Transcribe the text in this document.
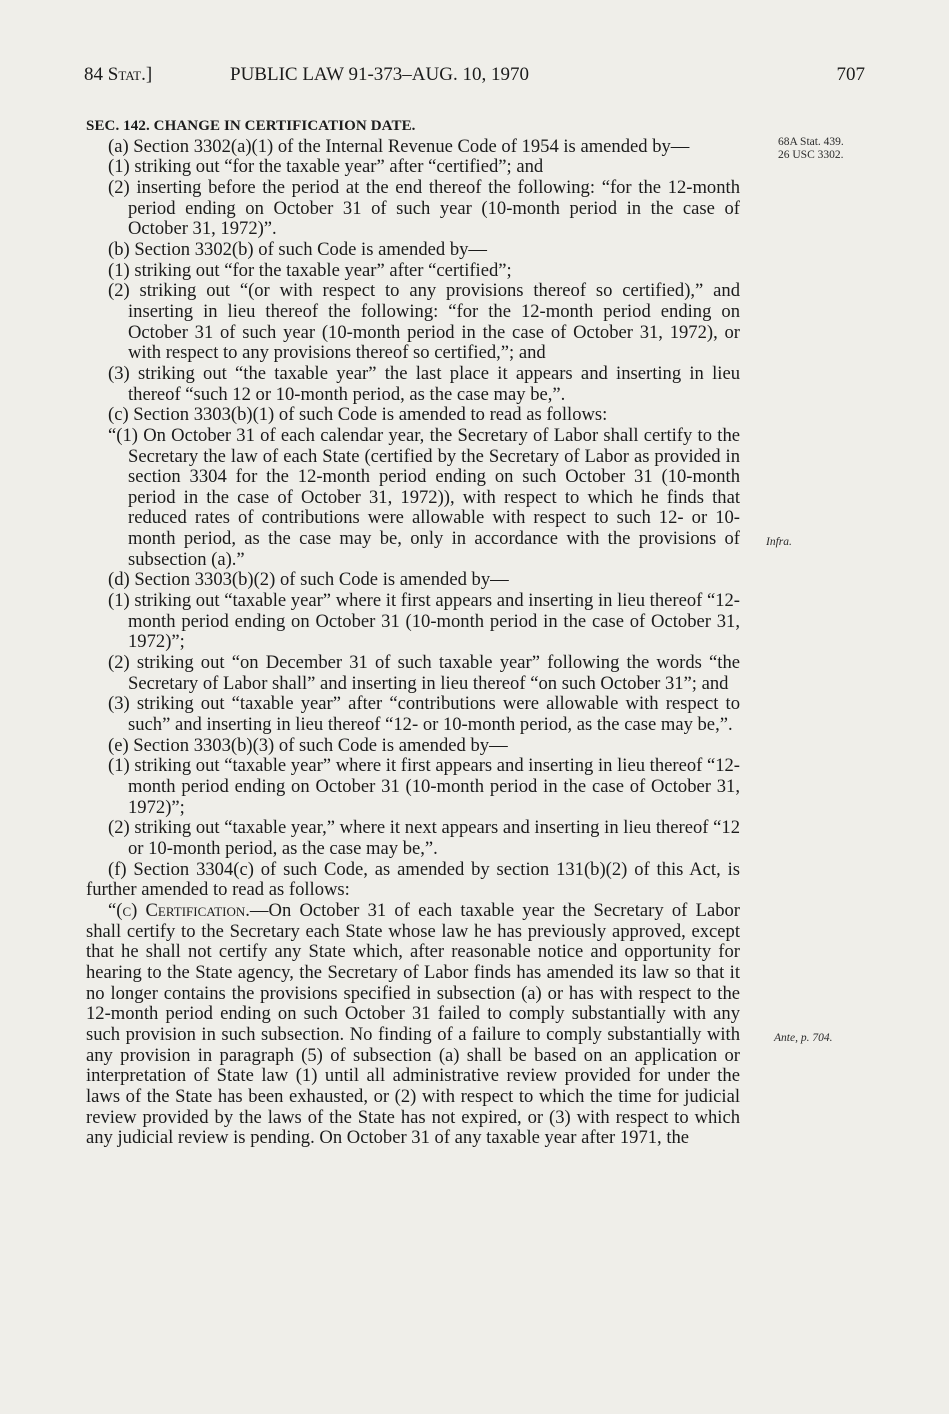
84 Stat.]	PUBLIC LAW 91-373–AUG. 10, 1970	707

SEC. 142. CHANGE IN CERTIFICATION DATE.

(a) Section 3302(a)(1) of the Internal Revenue Code of 1954 is amended by—

(1) striking out “for the taxable year” after “certified”; and

(2) inserting before the period at the end thereof the following: “for the 12-month period ending on October 31 of such year (10-month period in the case of October 31, 1972)”.

(b) Section 3302(b) of such Code is amended by—

(1) striking out “for the taxable year” after “certified”;

(2) striking out “(or with respect to any provisions thereof so certified),” and inserting in lieu thereof the following: “for the 12-month period ending on October 31 of such year (10-month period in the case of October 31, 1972), or with respect to any provisions thereof so certified,”; and

(3) striking out “the taxable year” the last place it appears and inserting in lieu thereof “such 12 or 10-month period, as the case may be,”.

(c) Section 3303(b)(1) of such Code is amended to read as follows:

“(1) On October 31 of each calendar year, the Secretary of Labor shall certify to the Secretary the law of each State (certified by the Secretary of Labor as provided in section 3304 for the 12-month period ending on such October 31 (10-month period in the case of October 31, 1972)), with respect to which he finds that reduced rates of contributions were allowable with respect to such 12- or 10-month period, as the case may be, only in accordance with the provisions of subsection (a).”

(d) Section 3303(b)(2) of such Code is amended by—

(1) striking out “taxable year” where it first appears and inserting in lieu thereof “12-month period ending on October 31 (10-month period in the case of October 31, 1972)”;

(2) striking out “on December 31 of such taxable year” following the words “the Secretary of Labor shall” and inserting in lieu thereof “on such October 31”; and

(3) striking out “taxable year” after “contributions were allowable with respect to such” and inserting in lieu thereof “12- or 10-month period, as the case may be,”.

(e) Section 3303(b)(3) of such Code is amended by—

(1) striking out “taxable year” where it first appears and inserting in lieu thereof “12-month period ending on October 31 (10-month period in the case of October 31, 1972)”;

(2) striking out “taxable year,” where it next appears and inserting in lieu thereof “12 or 10-month period, as the case may be,”.

(f) Section 3304(c) of such Code, as amended by section 131(b)(2) of this Act, is further amended to read as follows:

“(c) Certification.—On October 31 of each taxable year the Secretary of Labor shall certify to the Secretary each State whose law he has previously approved, except that he shall not certify any State which, after reasonable notice and opportunity for hearing to the State agency, the Secretary of Labor finds has amended its law so that it no longer contains the provisions specified in subsection (a) or has with respect to the 12-month period ending on such October 31 failed to comply substantially with any such provision in such subsection. No finding of a failure to comply substantially with any provision in paragraph (5) of subsection (a) shall be based on an application or interpretation of State law (1) until all administrative review provided for under the laws of the State has been exhausted, or (2) with respect to which the time for judicial review provided by the laws of the State has not expired, or (3) with respect to which any judicial review is pending. On October 31 of any taxable year after 1971, the

68A Stat. 439.
26 USC 3302.
Infra.
Ante, p. 704.
